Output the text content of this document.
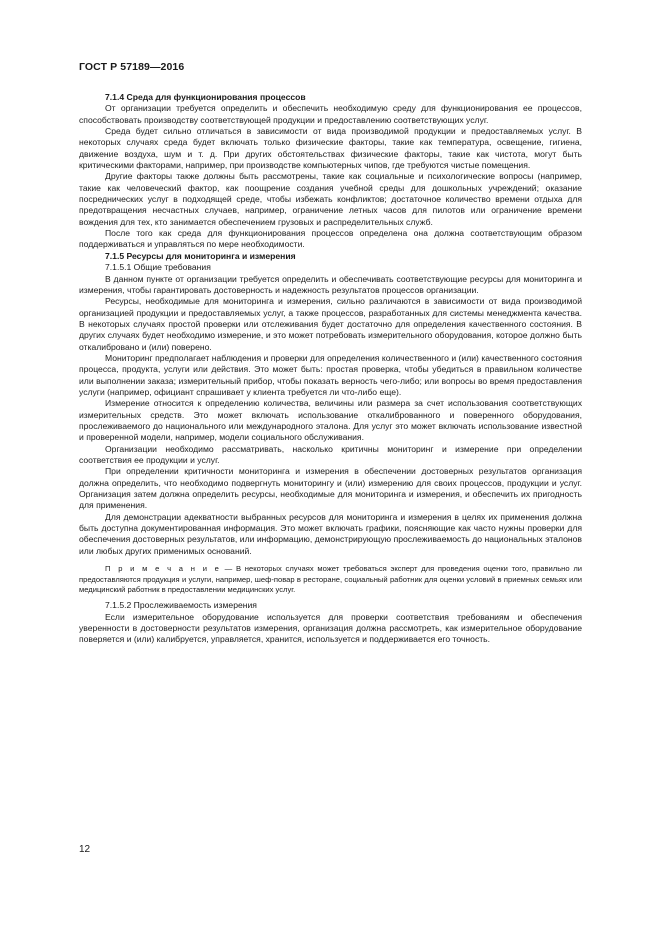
ГОСТ Р 57189—2016

7.1.4 Среда для функционирования процессов

От организации требуется определить и обеспечить необходимую среду для функционирования ее процессов, способствовать производству соответствующей продукции и предоставлению соответствующих услуг.

Среда будет сильно отличаться в зависимости от вида производимой продукции и предоставляемых услуг. В некоторых случаях среда будет включать только физические факторы, такие как температура, освещение, гигиена, движение воздуха, шум и т. д. При других обстоятельствах физические факторы, такие как чистота, могут быть критическими факторами, например, при производстве компьютерных чипов, где требуются чистые помещения.

Другие факторы также должны быть рассмотрены, такие как социальные и психологические вопросы (например, такие как человеческий фактор, как поощрение создания учебной среды для дошкольных учреждений; оказание посреднических услуг в подходящей среде, чтобы избежать конфликтов; достаточное количество времени отдыха для предотвращения несчастных случаев, например, ограничение летных часов для пилотов или ограничение времени вождения для тех, кто занимается обеспечением грузовых и распределительных служб.

После того как среда для функционирования процессов определена она должна соответствующим образом поддерживаться и управляться по мере необходимости.

7.1.5 Ресурсы для мониторинга и измерения

7.1.5.1 Общие требования

В данном пункте от организации требуется определить и обеспечивать соответствующие ресурсы для мониторинга и измерения, чтобы гарантировать достоверность и надежность результатов процессов организации.

Ресурсы, необходимые для мониторинга и измерения, сильно различаются в зависимости от вида производимой организацией продукции и предоставляемых услуг, а также процессов, разработанных для системы менеджмента качества. В некоторых случаях простой проверки или отслеживания будет достаточно для определения качественного состояния. В других случаях будет необходимо измерение, и это может потребовать измерительного оборудования, которое должно быть откалибровано и (или) поверено.

Мониторинг предполагает наблюдения и проверки для определения количественного и (или) качественного состояния процесса, продукта, услуги или действия. Это может быть: простая проверка, чтобы убедиться в правильном количестве или выполнении заказа; измерительный прибор, чтобы показать верность чего-либо; или вопросы во время предоставления услуги (например, официант спрашивает у клиента требуется ли что-либо еще).

Измерение относится к определению количества, величины или размера за счет использования соответствующих измерительных средств. Это может включать использование откалиброванного и поверенного оборудования, прослеживаемого до национального или международного эталона. Для услуг это может включать использование известной и проверенной модели, например, модели социального обслуживания.

Организации необходимо рассматривать, насколько критичны мониторинг и измерение при определении соответствия ее продукции и услуг.

При определении критичности мониторинга и измерения в обеспечении достоверных результатов организация должна определить, что необходимо подвергнуть мониторингу и (или) измерению для своих процессов, продукции и услуг. Организация затем должна определить ресурсы, необходимые для мониторинга и измерения, и обеспечить их пригодность для применения.

Для демонстрации адекватности выбранных ресурсов для мониторинга и измерения в целях их применения должна быть доступна документированная информация. Это может включать графики, поясняющие как часто нужны проверки для обеспечения достоверных результатов, или информацию, демонстрирующую прослеживаемость до национальных эталонов или любых других применимых оснований.

П р и м е ч а н и е — В некоторых случаях может требоваться эксперт для проведения оценки того, правильно ли предоставляются продукция и услуги, например, шеф-повар в ресторане, социальный работник для оценки условий в приемных семьях или медицинский работник в предоставлении медицинских услуг.

7.1.5.2 Прослеживаемость измерения

Если измерительное оборудование используется для проверки соответствия требованиям и обеспечения уверенности в достоверности результатов измерения, организация должна рассмотреть, как измерительное оборудование поверяется и (или) калибруется, управляется, хранится, используется и поддерживается его точность.

12
